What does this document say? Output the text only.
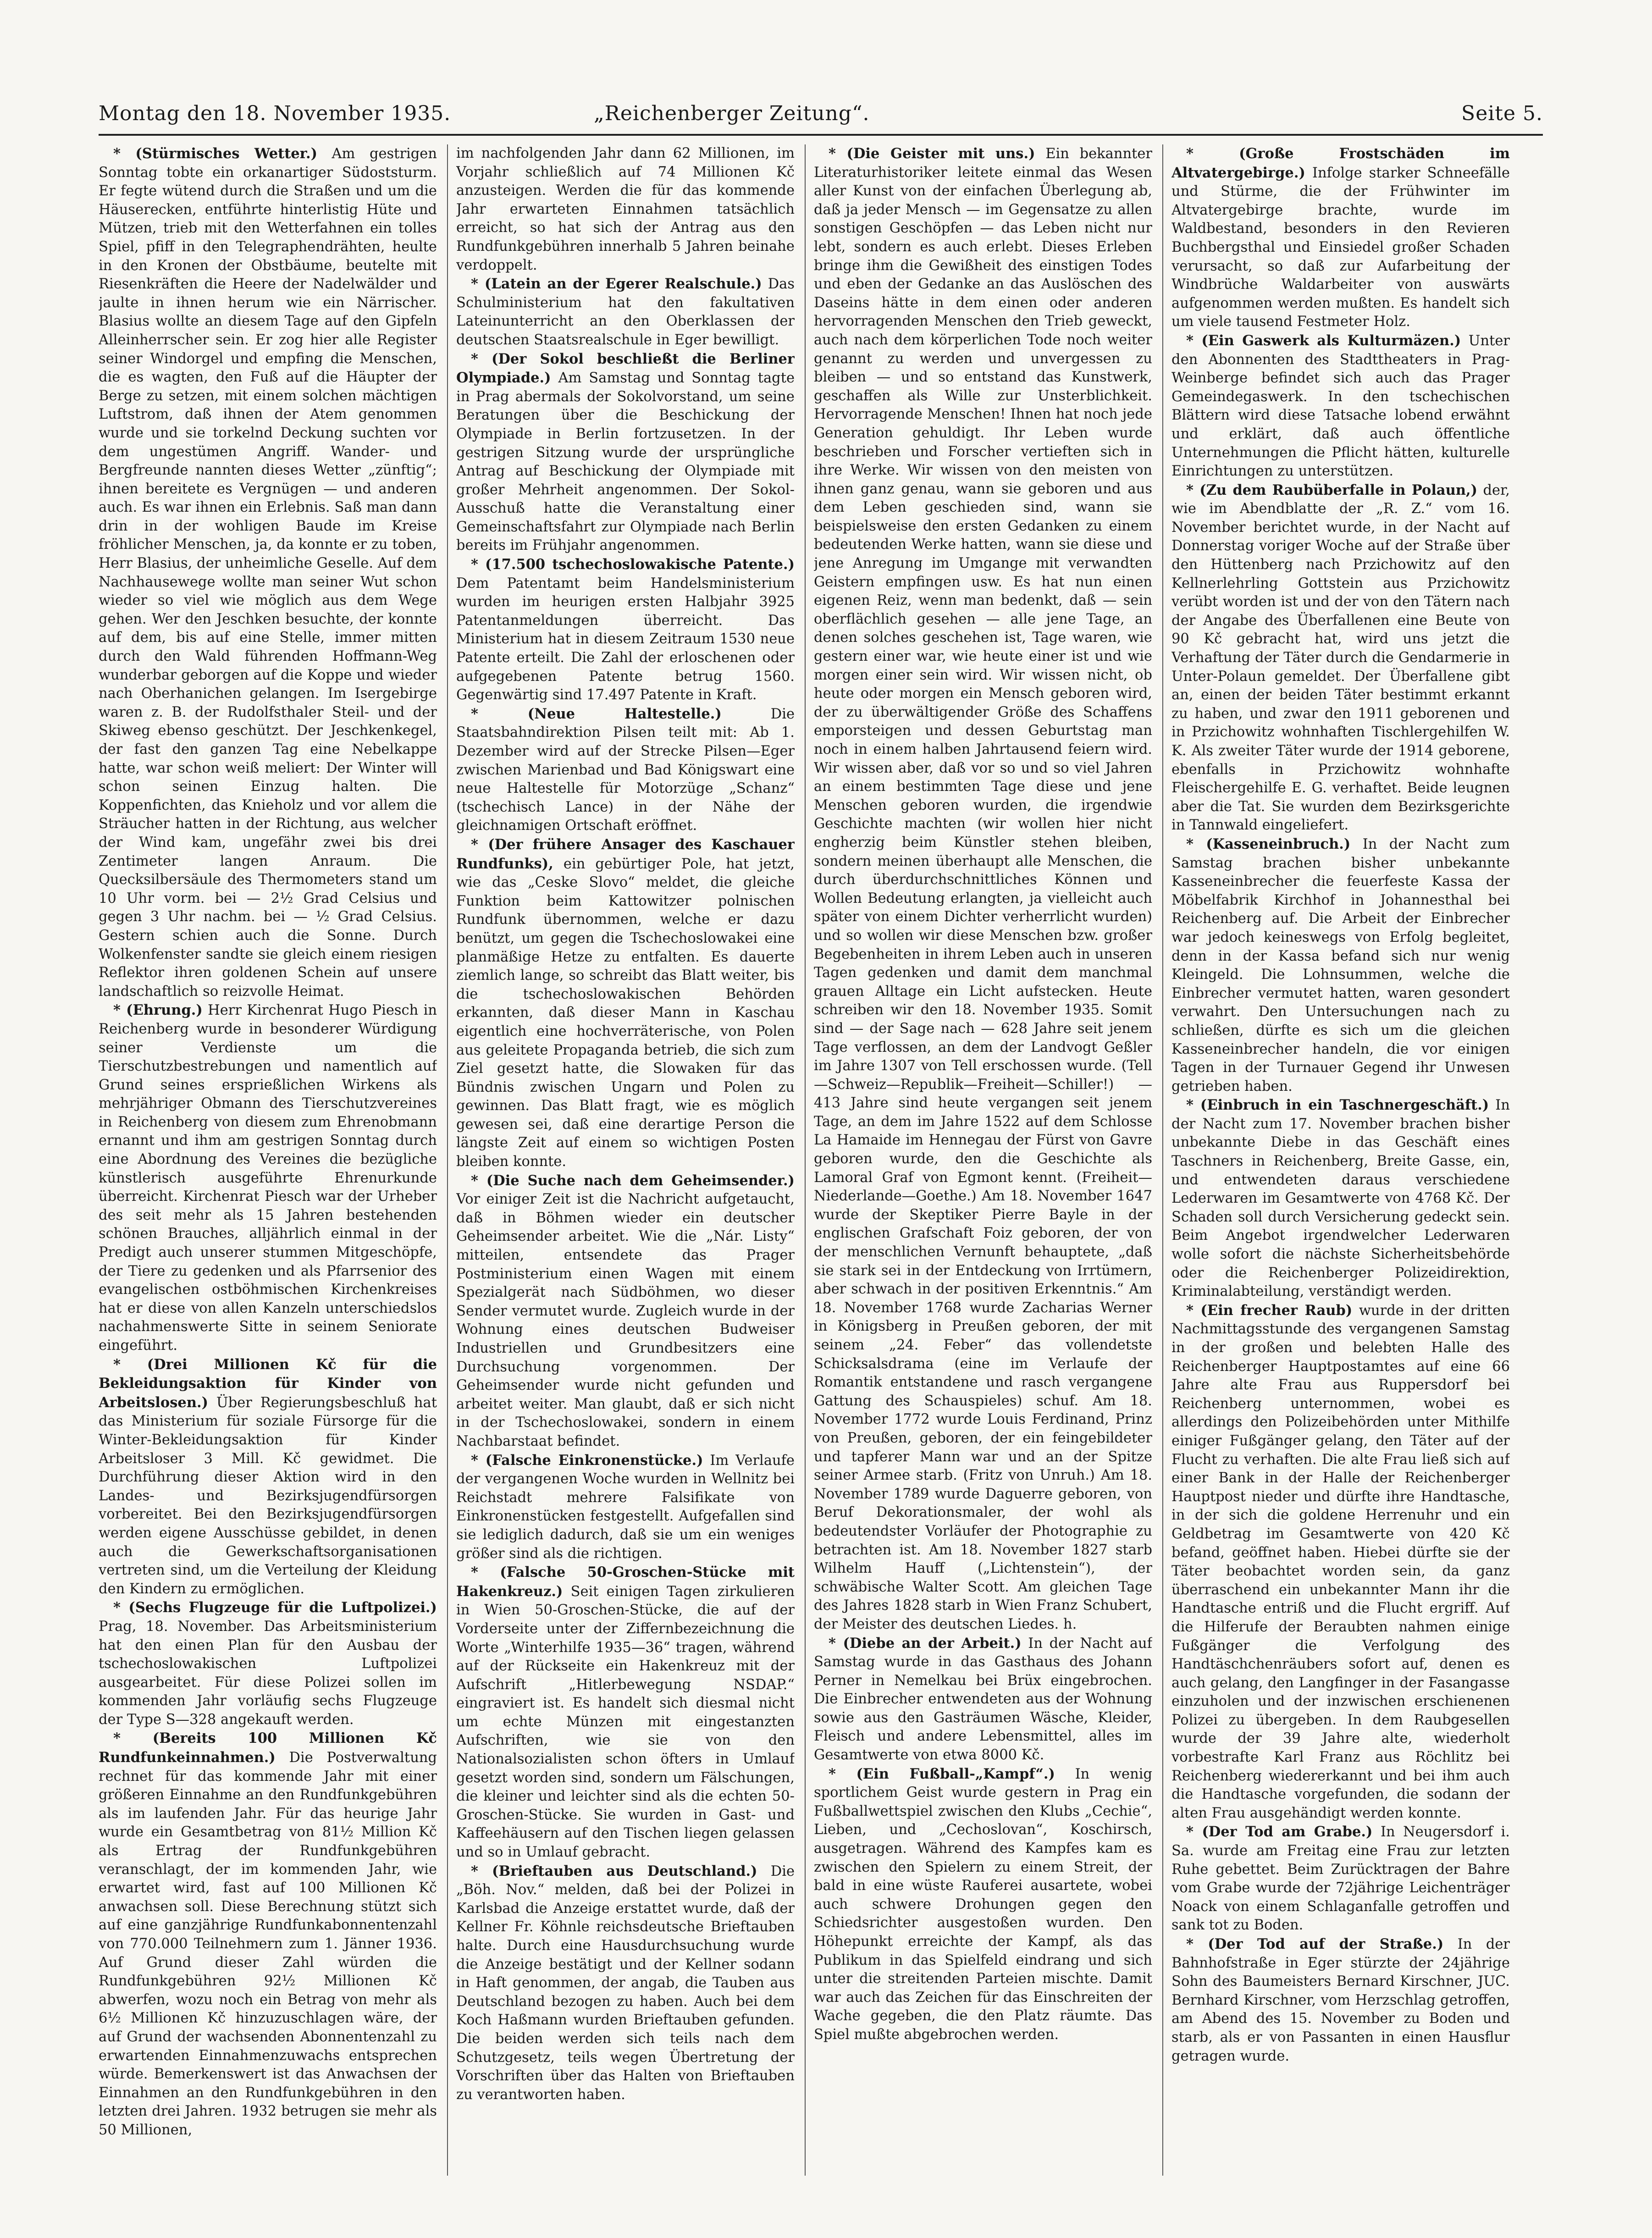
Montag den 18. November 1935.	„Reichenberger Zeitung“.	Seite 5.

* (Stürmisches Wetter.) Am gestrigen Sonntag tobte ein orkanartiger Südoststurm. Er fegte wütend durch die Straßen und um die Häuserecken, entführte hinterlistig Hüte und Mützen, trieb mit den Wetterfahnen ein tolles Spiel, pfiff in den Telegraphendrähten, heulte in den Kronen der Obstbäume, beutelte mit Riesenkräften die Heere der Nadelwälder und jaulte in ihnen herum wie ein Närrischer. Blasius wollte an diesem Tage auf den Gipfeln Alleinherrscher sein. Er zog hier alle Register seiner Windorgel und empfing die Menschen, die es wagten, den Fuß auf die Häupter der Berge zu setzen, mit einem solchen mächtigen Luftstrom, daß ihnen der Atem genommen wurde und sie torkelnd Deckung suchten vor dem ungestümen Angriff. Wander- und Bergfreunde nannten dieses Wetter „zünftig“; ihnen bereitete es Vergnügen — und anderen auch. Es war ihnen ein Erlebnis. Saß man dann drin in der wohligen Baude im Kreise fröhlicher Menschen, ja, da konnte er zu toben, Herr Blasius, der unheimliche Geselle. Auf dem Nachhausewege wollte man seiner Wut schon wieder so viel wie möglich aus dem Wege gehen. Wer den Jeschken besuchte, der konnte auf dem, bis auf eine Stelle, immer mitten durch den Wald führenden Hoffmann-Weg wunderbar geborgen auf die Koppe und wieder nach Oberhanichen gelangen. Im Isergebirge waren z. B. der Rudolfsthaler Steil- und der Skiweg ebenso geschützt. Der Jeschkenkegel, der fast den ganzen Tag eine Nebelkappe hatte, war schon weiß meliert: Der Winter will schon seinen Einzug halten. Die Koppenfichten, das Knieholz und vor allem die Sträucher hatten in der Richtung, aus welcher der Wind kam, ungefähr zwei bis drei Zentimeter langen Anraum. Die Quecksilbersäule des Thermometers stand um 10 Uhr vorm. bei — 2½ Grad Celsius und gegen 3 Uhr nachm. bei — ½ Grad Celsius. Gestern schien auch die Sonne. Durch Wolkenfenster sandte sie gleich einem riesigen Reflektor ihren goldenen Schein auf unsere landschaftlich so reizvolle Heimat.

* (Ehrung.) Herr Kirchenrat Hugo Piesch in Reichenberg wurde in besonderer Würdigung seiner Verdienste um die Tierschutzbestrebungen und namentlich auf Grund seines ersprießlichen Wirkens als mehrjähriger Obmann des Tierschutzvereines in Reichenberg von diesem zum Ehrenobmann ernannt und ihm am gestrigen Sonntag durch eine Abordnung des Vereines die bezügliche künstlerisch ausgeführte Ehrenurkunde überreicht. Kirchenrat Piesch war der Urheber des seit mehr als 15 Jahren bestehenden schönen Brauches, alljährlich einmal in der Predigt auch unserer stummen Mitgeschöpfe, der Tiere zu gedenken und als Pfarrsenior des evangelischen ostböhmischen Kirchenkreises hat er diese von allen Kanzeln unterschiedslos nachahmenswerte Sitte in seinem Seniorate eingeführt.

* (Drei Millionen Kč für die Bekleidungsaktion für Kinder von Arbeitslosen.) Über Regierungsbeschluß hat das Ministerium für soziale Fürsorge für die Winter-Bekleidungsaktion für Kinder Arbeitsloser 3 Mill. Kč gewidmet. Die Durchführung dieser Aktion wird in den Landes- und Bezirksjugendfürsorgen vorbereitet. Bei den Bezirksjugendfürsorgen werden eigene Ausschüsse gebildet, in denen auch die Gewerkschaftsorganisationen vertreten sind, um die Verteilung der Kleidung den Kindern zu ermöglichen.

* (Sechs Flugzeuge für die Luftpolizei.) Prag, 18. November. Das Arbeitsministerium hat den einen Plan für den Ausbau der tschechoslowakischen Luftpolizei ausgearbeitet. Für diese Polizei sollen im kommenden Jahr vorläufig sechs Flugzeuge der Type S—328 angekauft werden.

* (Bereits 100 Millionen Kč Rundfunkeinnahmen.) Die Postverwaltung rechnet für das kommende Jahr mit einer größeren Einnahme an den Rundfunkgebühren als im laufenden Jahr. Für das heurige Jahr wurde ein Gesamtbetrag von 81½ Million Kč als Ertrag der Rundfunkgebühren veranschlagt, der im kommenden Jahr, wie erwartet wird, fast auf 100 Millionen Kč anwachsen soll. Diese Berechnung stützt sich auf eine ganzjährige Rundfunkabonnentenzahl von 770.000 Teilnehmern zum 1. Jänner 1936. Auf Grund dieser Zahl würden die Rundfunkgebühren 92½ Millionen Kč abwerfen, wozu noch ein Betrag von mehr als 6½ Millionen Kč hinzuzuschlagen wäre, der auf Grund der wachsenden Abonnentenzahl zu erwartenden Einnahmenzuwachs entsprechen würde. Bemerkenswert ist das Anwachsen der Einnahmen an den Rundfunkgebühren in den letzten drei Jahren. 1932 betrugen sie mehr als 50 Millionen,

im nachfolgenden Jahr dann 62 Millionen, im Vorjahr schließlich auf 74 Millionen Kč anzusteigen. Werden die für das kommende Jahr erwarteten Einnahmen tatsächlich erreicht, so hat sich der Antrag aus den Rundfunkgebühren innerhalb 5 Jahren beinahe verdoppelt.

* (Latein an der Egerer Realschule.) Das Schulministerium hat den fakultativen Lateinunterricht an den Oberklassen der deutschen Staatsrealschule in Eger bewilligt.

* (Der Sokol beschließt die Berliner Olympiade.) Am Samstag und Sonntag tagte in Prag abermals der Sokolvorstand, um seine Beratungen über die Beschickung der Olympiade in Berlin fortzusetzen. In der gestrigen Sitzung wurde der ursprüngliche Antrag auf Beschickung der Olympiade mit großer Mehrheit angenommen. Der Sokol-Ausschuß hatte die Veranstaltung einer Gemeinschaftsfahrt zur Olympiade nach Berlin bereits im Frühjahr angenommen.

* (17.500 tschechoslowakische Patente.) Dem Patentamt beim Handelsministerium wurden im heurigen ersten Halbjahr 3925 Patentanmeldungen überreicht. Das Ministerium hat in diesem Zeitraum 1530 neue Patente erteilt. Die Zahl der erloschenen oder aufgegebenen Patente betrug 1560. Gegenwärtig sind 17.497 Patente in Kraft.

* (Neue Haltestelle.)	Die Staatsbahndirektion Pilsen teilt mit: Ab 1. Dezember wird auf der Strecke Pilsen—Eger zwischen Marienbad und Bad Königswart eine neue Haltestelle für Motorzüge „Schanz“ (tschechisch Lance) in der Nähe der gleichnamigen Ortschaft eröffnet.

* (Der frühere Ansager des Kaschauer Rundfunks), ein gebürtiger Pole, hat jetzt, wie das „Ceske Slovo“ meldet, die gleiche Funktion beim Kattowitzer polnischen Rundfunk übernommen, welche er dazu benützt, um gegen die Tschechoslowakei eine planmäßige Hetze zu entfalten. Es dauerte ziemlich lange, so schreibt das Blatt weiter, bis die tschechoslowakischen Behörden erkannten, daß dieser Mann in Kaschau eigentlich eine hochverräterische, von Polen aus geleitete Propaganda betrieb, die sich zum Ziel gesetzt hatte, die Slowaken für das Bündnis zwischen Ungarn und Polen zu gewinnen. Das Blatt fragt, wie es möglich gewesen sei, daß eine derartige Person die längste Zeit auf einem so wichtigen Posten bleiben konnte.

* (Die Suche nach dem Geheimsender.) Vor einiger Zeit ist die Nachricht aufgetaucht, daß in Böhmen wieder ein deutscher Geheimsender arbeitet. Wie die „Nár. Listy“ mitteilen, entsendete das Prager Postministerium einen Wagen mit einem Spezialgerät nach Südböhmen, wo dieser Sender vermutet wurde. Zugleich wurde in der Wohnung eines deutschen Budweiser Industriellen und Grundbesitzers eine Durchsuchung vorgenommen. Der Geheimsender wurde nicht gefunden und arbeitet weiter. Man glaubt, daß er sich nicht in der Tschechoslowakei, sondern in einem Nachbarstaat befindet.

* (Falsche Einkronenstücke.) Im Verlaufe der vergangenen Woche wurden in Wellnitz bei Reichstadt mehrere Falsifikate von Einkronenstücken festgestellt. Aufgefallen sind sie lediglich dadurch, daß sie um ein weniges größer sind als die richtigen.

* (Falsche 50-Groschen-Stücke mit Hakenkreuz.) Seit einigen Tagen zirkulieren in Wien 50-Groschen-Stücke, die auf der Vorderseite unter der Ziffernbezeichnung die Worte „Winterhilfe 1935—36“ tragen, während auf der Rückseite ein Hakenkreuz mit der Aufschrift „Hitlerbewegung NSDAP.“ eingraviert ist. Es handelt sich diesmal nicht um echte Münzen mit eingestanzten Aufschriften, wie sie von den Nationalsozialisten schon öfters in Umlauf gesetzt worden sind, sondern um Fälschungen, die kleiner und leichter sind als die echten 50-Groschen-Stücke. Sie wurden in Gast- und Kaffeehäusern auf den Tischen liegen gelassen und so in Umlauf gebracht.

* (Brieftauben aus Deutschland.) Die „Böh. Nov.“ melden, daß bei der Polizei in Karlsbad die Anzeige erstattet wurde, daß der Kellner Fr. Köhnle reichsdeutsche Brieftauben halte. Durch eine Hausdurchsuchung wurde die Anzeige bestätigt und der Kellner sodann in Haft genommen, der angab, die Tauben aus Deutschland bezogen zu haben. Auch bei dem Koch Haßmann wurden Brieftauben gefunden. Die beiden werden sich teils nach dem Schutzgesetz, teils wegen Übertretung der Vorschriften über das Halten von Brieftauben zu verantworten haben.

* (Die Geister mit uns.) Ein bekannter Literaturhistoriker leitete einmal das Wesen aller Kunst von der einfachen Überlegung ab, daß ja jeder Mensch — im Gegensatze zu allen sonstigen Geschöpfen — das Leben nicht nur lebt, sondern es auch erlebt. Dieses Erleben bringe ihm die Gewißheit des einstigen Todes und eben der Gedanke an das Auslöschen des Daseins hätte in dem einen oder anderen hervorragenden Menschen den Trieb geweckt, auch nach dem körperlichen Tode noch weiter genannt zu werden und unvergessen zu bleiben — und so entstand das Kunstwerk, geschaffen als Wille zur Unsterblichkeit. Hervorragende Menschen! Ihnen hat noch jede Generation gehuldigt. Ihr Leben wurde beschrieben und Forscher vertieften sich in ihre Werke. Wir wissen von den meisten von ihnen ganz genau, wann sie geboren und aus dem Leben geschieden sind, wann sie beispielsweise den ersten Gedanken zu einem bedeutenden Werke hatten, wann sie diese und jene Anregung im Umgange mit verwandten Geistern empfingen usw. Es hat nun einen eigenen Reiz, wenn man bedenkt, daß — sein oberflächlich gesehen — alle jene Tage, an denen solches geschehen ist, Tage waren, wie gestern einer war, wie heute einer ist und wie morgen einer sein wird. Wir wissen nicht, ob heute oder morgen ein Mensch geboren wird, der zu überwältigender Größe des Schaffens emporsteigen und dessen Geburtstag man noch in einem halben Jahrtausend feiern wird. Wir wissen aber, daß vor so und so viel Jahren an einem bestimmten Tage diese und jene Menschen geboren wurden, die irgendwie Geschichte machten (wir wollen hier nicht engherzig beim Künstler stehen bleiben, sondern meinen überhaupt alle Menschen, die durch überdurchschnittliches Können und Wollen Bedeutung erlangten, ja vielleicht auch später von einem Dichter verherrlicht wurden) und so wollen wir diese Menschen bzw. großer Begebenheiten in ihrem Leben auch in unseren Tagen gedenken und damit dem manchmal grauen Alltage ein Licht aufstecken. Heute schreiben wir den 18. November 1935. Somit sind — der Sage nach — 628 Jahre seit jenem Tage verflossen, an dem der Landvogt Geßler im Jahre 1307 von Tell erschossen wurde. (Tell—Schweiz—Republik—Freiheit—Schiller!) — 413 Jahre sind heute vergangen seit jenem Tage, an dem im Jahre 1522 auf dem Schlosse La Hamaide im Hennegau der Fürst von Gavre geboren wurde, den die Geschichte als Lamoral Graf von Egmont kennt. (Freiheit—Niederlande—Goethe.) Am 18. November 1647 wurde der Skeptiker Pierre Bayle in der englischen Grafschaft Foiz geboren, der von der menschlichen Vernunft behauptete, „daß sie stark sei in der Entdeckung von Irrtümern, aber schwach in der positiven Erkenntnis.“ Am 18. November 1768 wurde Zacharias Werner in Königsberg in Preußen geboren, der mit seinem „24. Feber“ das vollendetste Schicksalsdrama (eine im Verlaufe der Romantik entstandene und rasch vergangene Gattung des Schauspieles) schuf. Am 18. November 1772 wurde Louis Ferdinand, Prinz von Preußen, geboren, der ein feingebildeter und tapferer Mann war und an der Spitze seiner Armee starb. (Fritz von Unruh.) Am 18. November 1789 wurde Daguerre geboren, von Beruf Dekorationsmaler, der wohl als bedeutendster Vorläufer der Photographie zu betrachten ist. Am 18. November 1827 starb Wilhelm Hauff („Lichtenstein“), der schwäbische Walter Scott. Am gleichen Tage des Jahres 1828 starb in Wien Franz Schubert, der Meister des deutschen Liedes. h.

* (Diebe an der Arbeit.) In der Nacht auf Samstag wurde in das Gasthaus des Johann Perner in Nemelkau bei Brüx eingebrochen. Die Einbrecher entwendeten aus der Wohnung sowie aus den Gasträumen Wäsche, Kleider, Fleisch und andere Lebensmittel, alles im Gesamtwerte von etwa 8000 Kč.

* (Ein Fußball-„Kampf“.) In wenig sportlichem Geist wurde gestern in Prag ein Fußballwettspiel zwischen den Klubs „Cechie“, Lieben, und „Cechoslovan“, Koschirsch, ausgetragen. Während des Kampfes kam es zwischen den Spielern zu einem Streit, der bald in eine wüste Rauferei ausartete, wobei auch schwere Drohungen gegen den Schiedsrichter ausgestoßen wurden. Den Höhepunkt erreichte der Kampf, als das Publikum in das Spielfeld eindrang und sich unter die streitenden Parteien mischte. Damit war auch das Zeichen für das Einschreiten der Wache gegeben, die den Platz räumte. Das Spiel mußte abgebrochen werden.

* (Große Frostschäden im Altvatergebirge.) Infolge starker Schneefälle und Stürme, die der Frühwinter im Altvatergebirge brachte, wurde im Waldbestand, besonders in den Revieren Buchbergsthal und Einsiedel großer Schaden verursacht, so daß zur Aufarbeitung der Windbrüche Waldarbeiter von auswärts aufgenommen werden mußten. Es handelt sich um viele tausend Festmeter Holz.

* (Ein Gaswerk als Kulturmäzen.) Unter den Abonnenten des Stadttheaters in Prag-Weinberge befindet sich auch das Prager Gemeindegaswerk. In den tschechischen Blättern wird diese Tatsache lobend erwähnt und erklärt, daß auch öffentliche Unternehmungen die Pflicht hätten, kulturelle Einrichtungen zu unterstützen.

* (Zu dem Raubüberfalle in Polaun,) der, wie im Abendblatte der „R. Z.“ vom 16. November berichtet wurde, in der Nacht auf Donnerstag voriger Woche auf der Straße über den Hüttenberg nach Przichowitz auf den Kellnerlehrling Gottstein aus Przichowitz verübt worden ist und der von den Tätern nach der Angabe des Überfallenen eine Beute von 90 Kč gebracht hat, wird uns jetzt die Verhaftung der Täter durch die Gendarmerie in Unter-Polaun gemeldet. Der Überfallene gibt an, einen der beiden Täter bestimmt erkannt zu haben, und zwar den 1911 geborenen und in Przichowitz wohnhaften Tischlergehilfen W. K. Als zweiter Täter wurde der 1914 geborene, ebenfalls in Przichowitz wohnhafte Fleischergehilfe E. G. verhaftet. Beide leugnen aber die Tat. Sie wurden dem Bezirksgerichte in Tannwald eingeliefert.

* (Kasseneinbruch.) In der Nacht zum Samstag brachen bisher unbekannte Kasseneinbrecher die feuerfeste Kassa der Möbelfabrik Kirchhof in Johannesthal bei Reichenberg auf. Die Arbeit der Einbrecher war jedoch keineswegs von Erfolg begleitet, denn in der Kassa befand sich nur wenig Kleingeld. Die Lohnsummen, welche die Einbrecher vermutet hatten, waren gesondert verwahrt. Den Untersuchungen nach zu schließen, dürfte es sich um die gleichen Kasseneinbrecher handeln, die vor einigen Tagen in der Turnauer Gegend ihr Unwesen getrieben haben.

* (Einbruch in ein Taschnergeschäft.) In der Nacht zum 17. November brachen bisher unbekannte Diebe in das Geschäft eines Taschners in Reichenberg, Breite Gasse, ein, und entwendeten daraus verschiedene Lederwaren im Gesamtwerte von 4768 Kč. Der Schaden soll durch Versicherung gedeckt sein. Beim Angebot irgendwelcher Lederwaren wolle sofort die nächste Sicherheitsbehörde oder die Reichenberger Polizeidirektion, Kriminalabteilung, verständigt werden.

* (Ein frecher Raub) wurde in der dritten Nachmittagsstunde des vergangenen Samstag in der großen und belebten Halle des Reichenberger Hauptpostamtes auf eine 66 Jahre alte Frau aus Ruppersdorf bei Reichenberg unternommen, wobei es allerdings den Polizeibehörden unter Mithilfe einiger Fußgänger gelang, den Täter auf der Flucht zu verhaften. Die alte Frau ließ sich auf einer Bank in der Halle der Reichenberger Hauptpost nieder und dürfte ihre Handtasche, in der sich die goldene Herrenuhr und ein Geldbetrag im Gesamtwerte von 420 Kč befand, geöffnet haben. Hiebei dürfte sie der Täter beobachtet worden sein, da ganz überraschend ein unbekannter Mann ihr die Handtasche entriß und die Flucht ergriff. Auf die Hilferufe der Beraubten nahmen einige Fußgänger die Verfolgung des Handtäschchenräubers sofort auf, denen es auch gelang, den Langfinger in der Fasangasse einzuholen und der inzwischen erschienenen Polizei zu übergeben. In dem Raubgesellen wurde der 39 Jahre alte, wiederholt vorbestrafte Karl Franz aus Röchlitz bei Reichenberg wiedererkannt und bei ihm auch die Handtasche vorgefunden, die sodann der alten Frau ausgehändigt werden konnte.

* (Der Tod am Grabe.) In Neugersdorf i. Sa. wurde am Freitag eine Frau zur letzten Ruhe gebettet. Beim Zurücktragen der Bahre vom Grabe wurde der 72jährige Leichenträger Noack von einem Schlaganfalle getroffen und sank tot zu Boden.

* (Der Tod auf der Straße.) In der Bahnhofstraße in Eger stürzte der 24jährige Sohn des Baumeisters Bernard Kirschner, JUC. Bernhard Kirschner, vom Herzschlag getroffen, am Abend des 15. November zu Boden und starb, als er von Passanten in einen Hausflur getragen wurde.
